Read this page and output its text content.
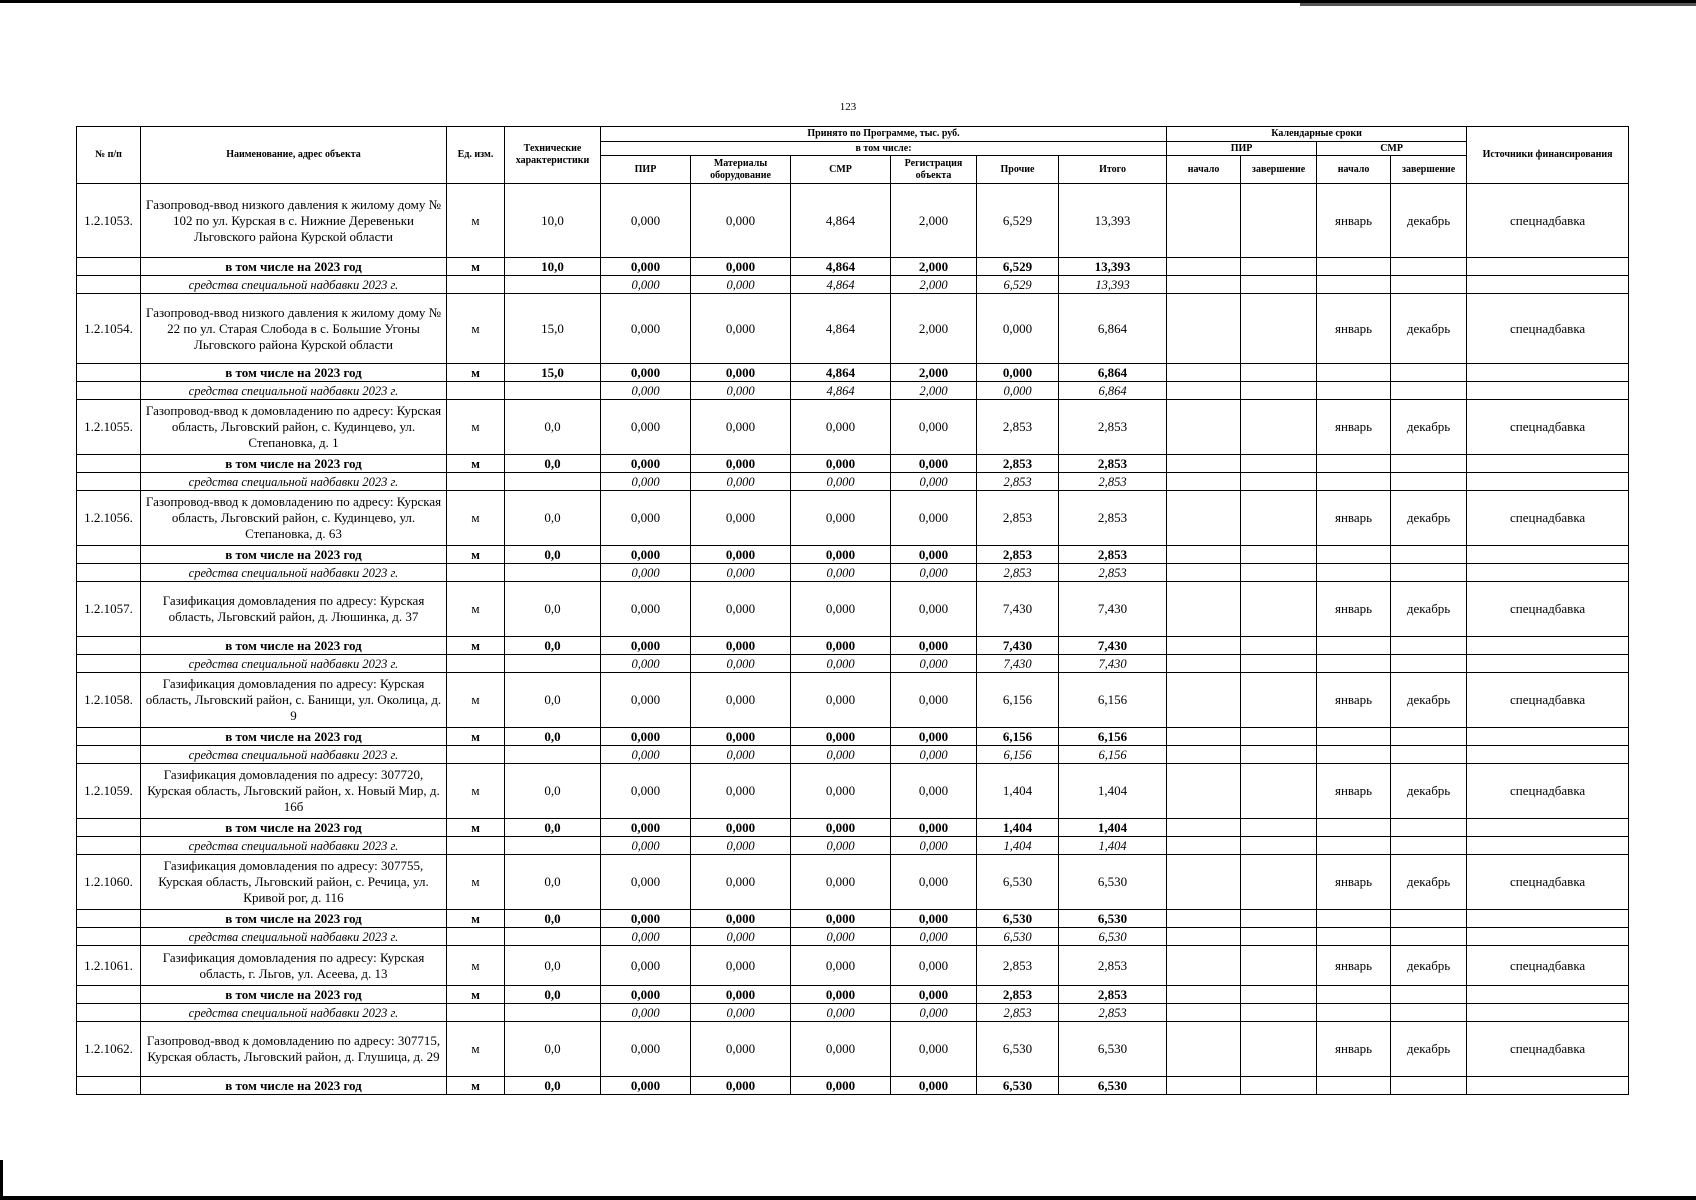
123
№ п/п	Наименование, адрес объекта	Ед. изм.	Технические характеристики	Принято по Программе, тыс. руб.						Календарные сроки				Источники финансирования
				в том числе:						ПИР		СМР		
				ПИР	Материалы оборудование	СМР	Регистрация объекта	Прочие	Итого	начало	завершение	начало	завершение	
1.2.1053.	Газопровод-ввод низкого давления к жилому дому № 102 по ул. Курская в с. Нижние Деревеньки Льговского района Курской области	м	10,0	0,000	0,000	4,864	2,000	6,529	13,393			январь	декабрь	спецнадбавка
	в том числе на 2023 год	м	10,0	0,000	0,000	4,864	2,000	6,529	13,393					
	средства специальной надбавки 2023 г.			0,000	0,000	4,864	2,000	6,529	13,393					
1.2.1054.	Газопровод-ввод низкого давления к жилому дому № 22 по ул. Старая Слобода в с. Большие Угоны Льговского района Курской области	м	15,0	0,000	0,000	4,864	2,000	0,000	6,864			январь	декабрь	спецнадбавка
	в том числе на 2023 год	м	15,0	0,000	0,000	4,864	2,000	0,000	6,864					
	средства специальной надбавки 2023 г.			0,000	0,000	4,864	2,000	0,000	6,864					
1.2.1055.	Газопровод-ввод к домовладению по адресу: Курская область, Льговский район, с. Кудинцево, ул. Степановка, д. 1	м	0,0	0,000	0,000	0,000	0,000	2,853	2,853			январь	декабрь	спецнадбавка
	в том числе на 2023 год	м	0,0	0,000	0,000	0,000	0,000	2,853	2,853					
	средства специальной надбавки 2023 г.			0,000	0,000	0,000	0,000	2,853	2,853					
1.2.1056.	Газопровод-ввод к домовладению по адресу: Курская область, Льговский район, с. Кудинцево, ул. Степановка, д. 63	м	0,0	0,000	0,000	0,000	0,000	2,853	2,853			январь	декабрь	спецнадбавка
	в том числе на 2023 год	м	0,0	0,000	0,000	0,000	0,000	2,853	2,853					
	средства специальной надбавки 2023 г.			0,000	0,000	0,000	0,000	2,853	2,853					
1.2.1057.	Газификация домовладения по адресу: Курская область, Льговский район, д. Люшинка, д. 37	м	0,0	0,000	0,000	0,000	0,000	7,430	7,430			январь	декабрь	спецнадбавка
	в том числе на 2023 год	м	0,0	0,000	0,000	0,000	0,000	7,430	7,430					
	средства специальной надбавки 2023 г.			0,000	0,000	0,000	0,000	7,430	7,430					
1.2.1058.	Газификация домовладения по адресу: Курская область, Льговский район, с. Банищи, ул. Околица, д. 9	м	0,0	0,000	0,000	0,000	0,000	6,156	6,156			январь	декабрь	спецнадбавка
	в том числе на 2023 год	м	0,0	0,000	0,000	0,000	0,000	6,156	6,156					
	средства специальной надбавки 2023 г.			0,000	0,000	0,000	0,000	6,156	6,156					
1.2.1059.	Газификация домовладения по адресу: 307720, Курская область, Льговский район, х. Новый Мир, д. 16б	м	0,0	0,000	0,000	0,000	0,000	1,404	1,404			январь	декабрь	спецнадбавка
	в том числе на 2023 год	м	0,0	0,000	0,000	0,000	0,000	1,404	1,404					
	средства специальной надбавки 2023 г.			0,000	0,000	0,000	0,000	1,404	1,404					
1.2.1060.	Газификация домовладения по адресу: 307755, Курская область, Льговский район, с. Речица, ул. Кривой рог, д. 116	м	0,0	0,000	0,000	0,000	0,000	6,530	6,530			январь	декабрь	спецнадбавка
	в том числе на 2023 год	м	0,0	0,000	0,000	0,000	0,000	6,530	6,530					
	средства специальной надбавки 2023 г.			0,000	0,000	0,000	0,000	6,530	6,530					
1.2.1061.	Газификация домовладения по адресу: Курская область, г. Льгов, ул. Асеева, д. 13	м	0,0	0,000	0,000	0,000	0,000	2,853	2,853			январь	декабрь	спецнадбавка
	в том числе на 2023 год	м	0,0	0,000	0,000	0,000	0,000	2,853	2,853					
	средства специальной надбавки 2023 г.			0,000	0,000	0,000	0,000	2,853	2,853					
1.2.1062.	Газопровод-ввод к домовладению по адресу: 307715, Курская область, Льговский район, д. Глушица, д. 29	м	0,0	0,000	0,000	0,000	0,000	6,530	6,530			январь	декабрь	спецнадбавка
	в том числе на 2023 год	м	0,0	0,000	0,000	0,000	0,000	6,530	6,530					
